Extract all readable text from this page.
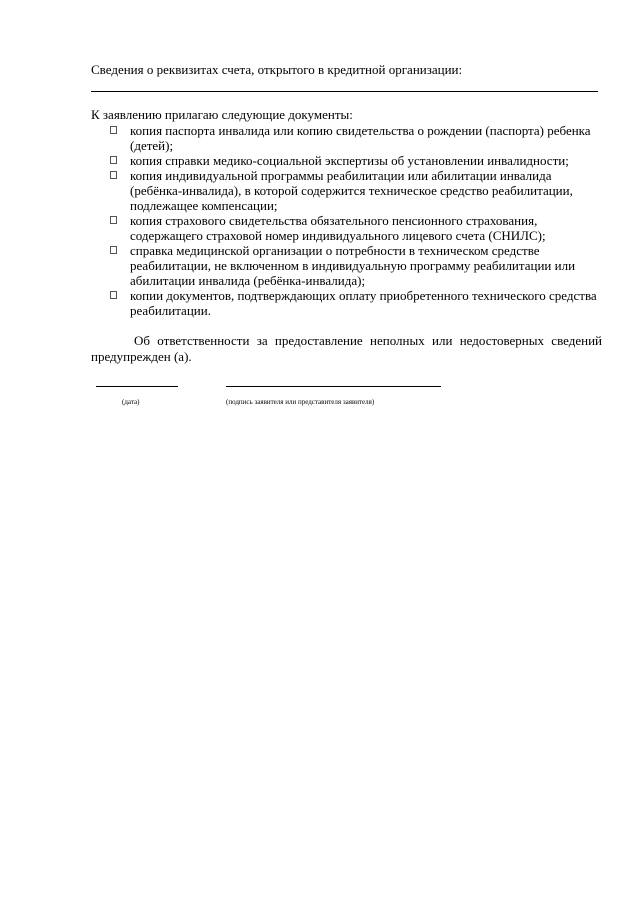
Сведения о реквизитах счета, открытого в кредитной организации:
К заявлению прилагаю следующие документы:
копия паспорта инвалида или копию свидетельства о рождении (паспорта) ребенка (детей);
копия справки медико-социальной экспертизы об установлении инвалидности;
копия индивидуальной программы реабилитации или абилитации инвалида (ребёнка-инвалида), в которой содержится техническое средство реабилитации, подлежащее компенсации;
копия страхового свидетельства обязательного пенсионного страхования, содержащего страховой номер индивидуального лицевого счета (СНИЛС);
справка медицинской организации о потребности в техническом средстве реабилитации, не включенном в индивидуальную программу реабилитации или абилитации инвалида (ребёнка-инвалида);
копии документов, подтверждающих оплату приобретенного технического средства реабилитации.
Об ответственности за предоставление неполных или недостоверных сведений предупрежден (а).
(дата)	(подпись заявителя или представителя заявителя)
